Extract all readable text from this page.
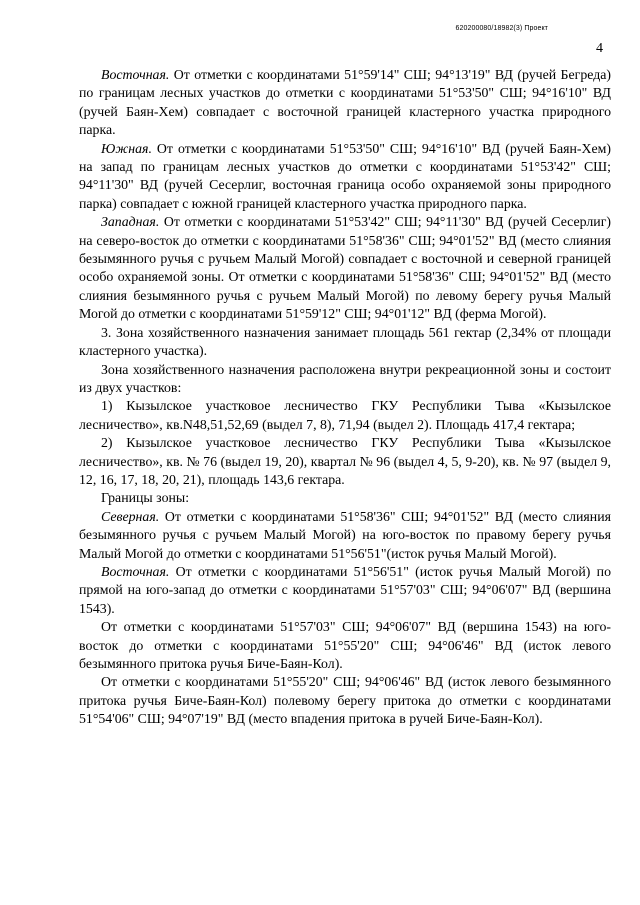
620200080/18982(3) Проект
4

Восточная. От отметки с координатами 51°59'14" СШ; 94°13'19" ВД (ручей Бегреда) по границам лесных участков до отметки с координатами 51°53'50" СШ; 94°16'10" ВД (ручей Баян-Хем) совпадает с восточной границей кластерного участка природного парка.

Южная. От отметки с координатами 51°53'50" СШ; 94°16'10" ВД (ручей Баян-Хем) на запад по границам лесных участков до отметки с координатами 51°53'42" СШ; 94°11'30" ВД (ручей Сесерлиг, восточная граница особо охраняемой зоны природного парка) совпадает с южной границей кластерного участка природного парка.

Западная. От отметки с координатами 51°53'42" СШ; 94°11'30" ВД (ручей Сесерлиг) на северо-восток до отметки с координатами 51°58'36" СШ; 94°01'52" ВД (место слияния безымянного ручья с ручьем Малый Могой) совпадает с восточной и северной границей особо охраняемой зоны. От отметки с координатами 51°58'36" СШ; 94°01'52" ВД (место слияния безымянного ручья с ручьем Малый Могой) по левому берегу ручья Малый Могой до отметки с координатами 51°59'12" СШ; 94°01'12" ВД (ферма Могой).

3. Зона хозяйственного назначения занимает площадь 561 гектар (2,34% от площади кластерного участка).

Зона хозяйственного назначения расположена внутри рекреационной зоны и состоит из двух участков:

1) Кызылское участковое лесничество ГКУ Республики Тыва «Кызылское лесничество», кв.N48,51,52,69 (выдел 7, 8), 71,94 (выдел 2). Площадь 417,4 гектара;

2) Кызылское участковое лесничество ГКУ Республики Тыва «Кызылское лесничество», кв. № 76 (выдел 19, 20), квартал № 96 (выдел 4, 5, 9-20), кв. № 97 (выдел 9, 12, 16, 17, 18, 20, 21), площадь 143,6 гектара.

Границы зоны:

Северная. От отметки с координатами 51°58'36" СШ; 94°01'52" ВД (место слияния безымянного ручья с ручьем Малый Могой) на юго-восток по правому берегу ручья Малый Могой до отметки с координатами 51°56'51"(исток ручья Малый Могой).

Восточная. От отметки с координатами 51°56'51" (исток ручья Малый Могой) по прямой на юго-запад до отметки с координатами 51°57'03" СШ; 94°06'07" ВД (вершина 1543).

От отметки с координатами 51°57'03" СШ; 94°06'07" ВД (вершина 1543) на юго-восток до отметки с координатами 51°55'20" СШ; 94°06'46" ВД (исток левого безымянного притока ручья Биче-Баян-Кол).

От отметки с координатами 51°55'20" СШ; 94°06'46" ВД (исток левого безымянного притока ручья Биче-Баян-Кол) полевому берегу притока до отметки с координатами 51°54'06" СШ; 94°07'19" ВД (место впадения притока в ручей Биче-Баян-Кол).
